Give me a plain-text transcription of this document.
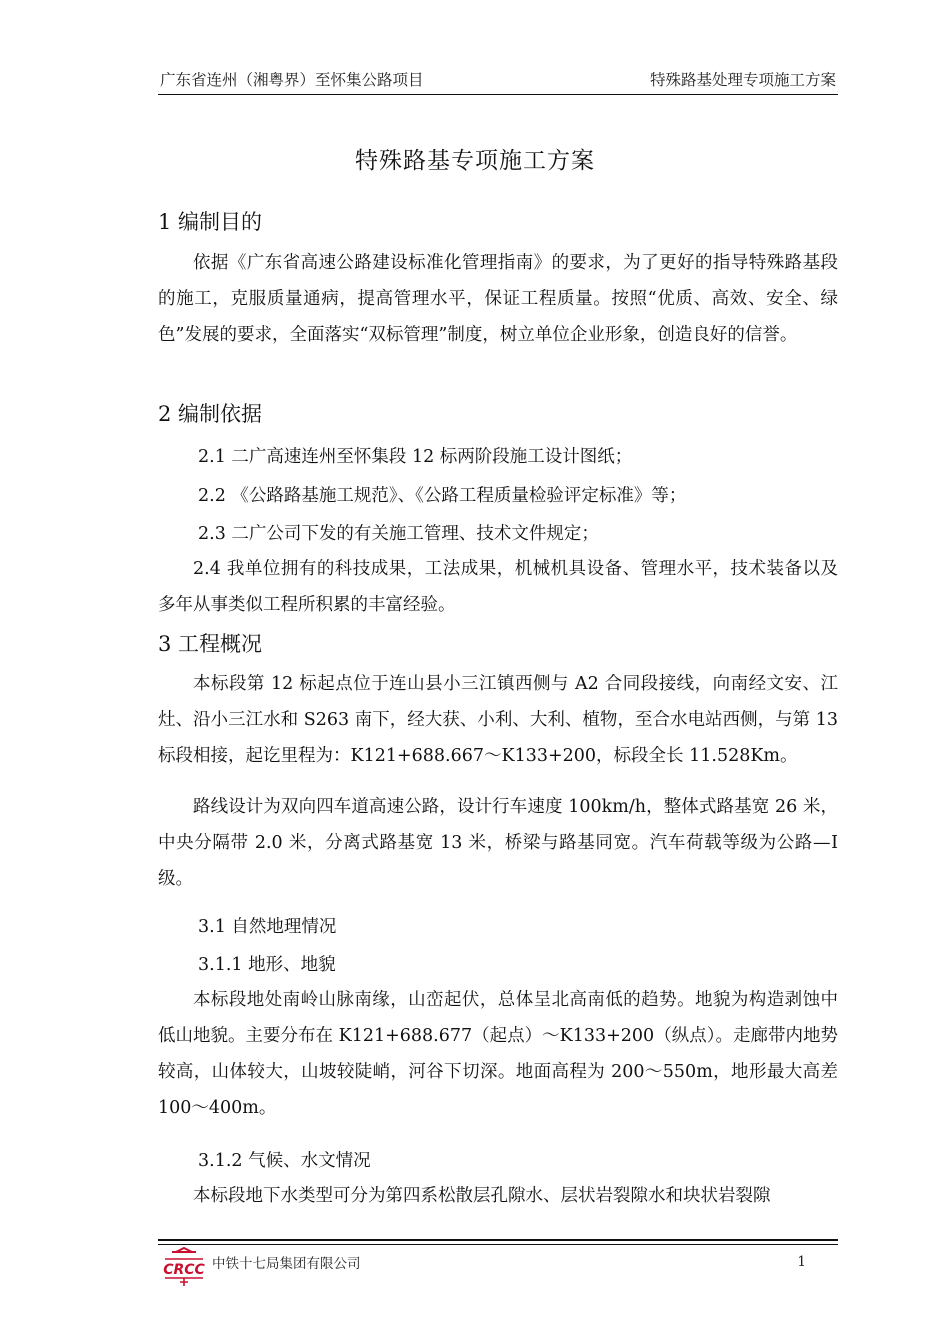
广东省连州（湘粤界）至怀集公路项目	特殊路基处理专项施工方案
特殊路基专项施工方案
1 编制目的

依据《广东省高速公路建设标准化管理指南》的要求，为了更好的指导特殊路基段的施工，克服质量通病，提高管理水平，保证工程质量。按照“优质、高效、安全、绿色”发展的要求，全面落实“双标管理”制度，树立单位企业形象，创造良好的信誉。

2 编制依据
2.1 二广高速连州至怀集段 12 标两阶段施工设计图纸；
2.2 《公路路基施工规范》、《公路工程质量检验评定标准》等；
2.3 二广公司下发的有关施工管理、技术文件规定；

2.4 我单位拥有的科技成果，工法成果，机械机具设备、管理水平，技术装备以及多年从事类似工程所积累的丰富经验。

3 工程概况

本标段第 12 标起点位于连山县小三江镇西侧与 A2 合同段接线，向南经文安、江灶、沿小三江水和 S263 南下，经大获、小利、大利、植物，至合水电站西侧，与第 13 标段相接，起讫里程为：K121+688.667～K133+200，标段全长 11.528Km。

路线设计为双向四车道高速公路，设计行车速度 100km/h，整体式路基宽 26 米，中央分隔带 2.0 米，分离式路基宽 13 米，桥梁与路基同宽。汽车荷载等级为公路—Ⅰ级。

3.1 自然地理情况
3.1.1 地形、地貌

本标段地处南岭山脉南缘，山峦起伏，总体呈北高南低的趋势。地貌为构造剥蚀中低山地貌。主要分布在 K121+688.677（起点）～K133+200（纵点）。走廊带内地势较高，山体较大，山坡较陡峭，河谷下切深。地面高程为 200～550m，地形最大高差 100～400m。

3.1.2 气候、水文情况

本标段地下水类型可分为第四系松散层孔隙水、层状岩裂隙水和块状岩裂隙

CRCC 中铁十七局集团有限公司	1
